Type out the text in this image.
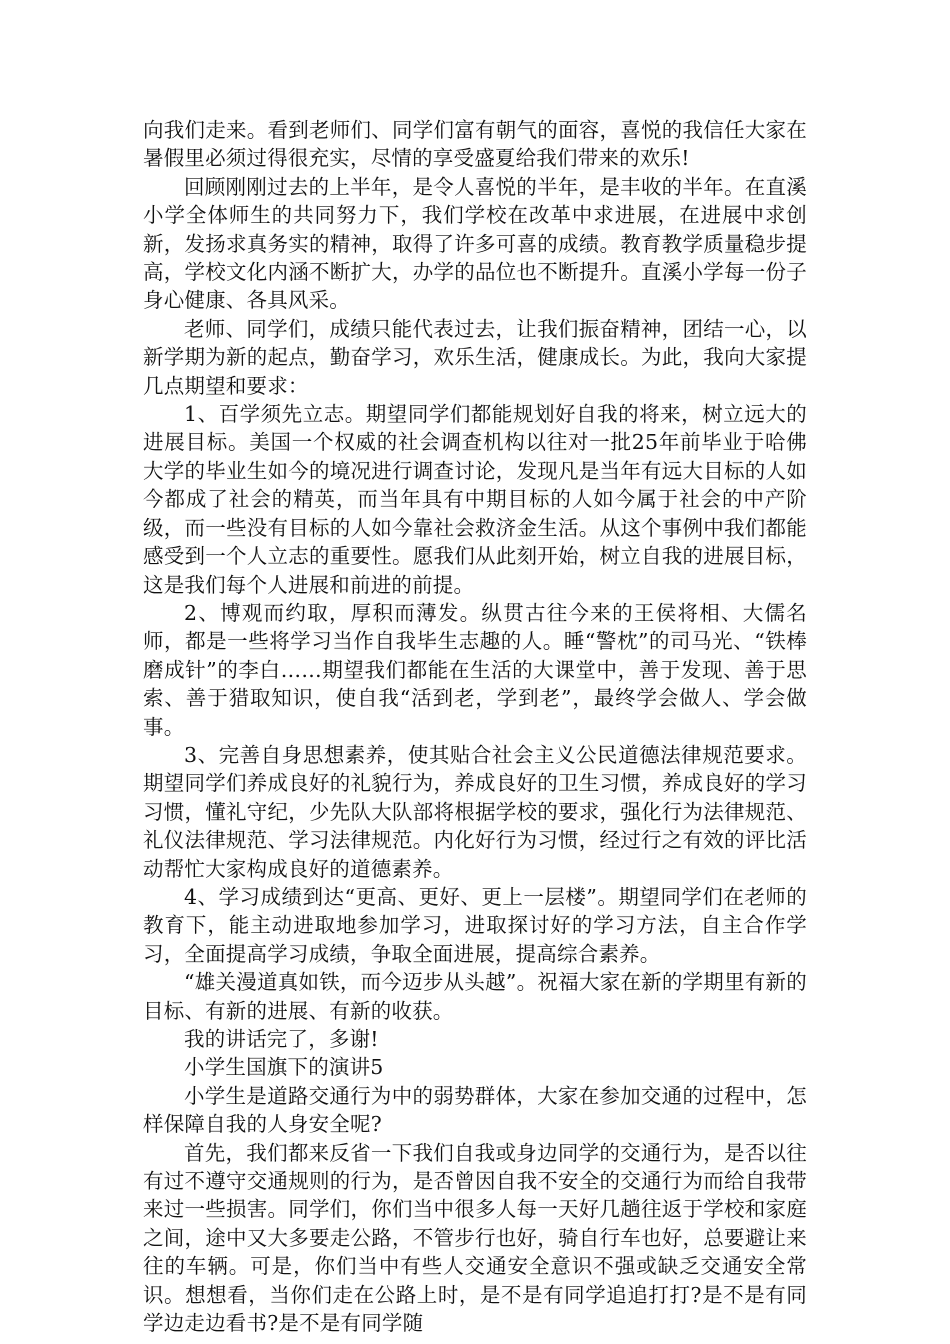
向我们走来。看到老师们、同学们富有朝气的面容，喜悦的我信任大家在暑假里必须过得很充实，尽情的享受盛夏给我们带来的欢乐!

回顾刚刚过去的上半年，是令人喜悦的半年，是丰收的半年。在直溪小学全体师生的共同努力下，我们学校在改革中求进展，在进展中求创新，发扬求真务实的精神，取得了许多可喜的成绩。教育教学质量稳步提高，学校文化内涵不断扩大，办学的品位也不断提升。直溪小学每一份子身心健康、各具风采。

老师、同学们，成绩只能代表过去，让我们振奋精神，团结一心，以新学期为新的起点，勤奋学习，欢乐生活，健康成长。为此，我向大家提几点期望和要求：

1、百学须先立志。期望同学们都能规划好自我的将来，树立远大的进展目标。美国一个权威的社会调查机构以往对一批25年前毕业于哈佛大学的毕业生如今的境况进行调查讨论，发现凡是当年有远大目标的人如今都成了社会的精英，而当年具有中期目标的人如今属于社会的中产阶级，而一些没有目标的人如今靠社会救济金生活。从这个事例中我们都能感受到一个人立志的重要性。愿我们从此刻开始，树立自我的进展目标，这是我们每个人进展和前进的前提。

2、博观而约取，厚积而薄发。纵贯古往今来的王侯将相、大儒名师，都是一些将学习当作自我毕生志趣的人。睡“警枕”的司马光、“铁棒磨成针”的李白……期望我们都能在生活的大课堂中，善于发现、善于思索、善于猎取知识，使自我“活到老，学到老”，最终学会做人、学会做事。

3、完善自身思想素养，使其贴合社会主义公民道德法律规范要求。期望同学们养成良好的礼貌行为，养成良好的卫生习惯，养成良好的学习习惯，懂礼守纪，少先队大队部将根据学校的要求，强化行为法律规范、礼仪法律规范、学习法律规范。内化好行为习惯，经过行之有效的评比活动帮忙大家构成良好的道德素养。

4、学习成绩到达“更高、更好、更上一层楼”。期望同学们在老师的教育下，能主动进取地参加学习，进取探讨好的学习方法，自主合作学习，全面提高学习成绩，争取全面进展，提高综合素养。

“雄关漫道真如铁，而今迈步从头越”。祝福大家在新的学期里有新的目标、有新的进展、有新的收获。

我的讲话完了，多谢!

小学生国旗下的演讲5

小学生是道路交通行为中的弱势群体，大家在参加交通的过程中，怎样保障自我的人身安全呢?

首先，我们都来反省一下我们自我或身边同学的交通行为，是否以往有过不遵守交通规则的行为，是否曾因自我不安全的交通行为而给自我带来过一些损害。同学们，你们当中很多人每一天好几趟往返于学校和家庭之间，途中又大多要走公路，不管步行也好，骑自行车也好，总要避让来往的车辆。可是，你们当中有些人交通安全意识不强或缺乏交通安全常识。想想看，当你们走在公路上时，是不是有同学追追打打?是不是有同学边走边看书?是不是有同学随
